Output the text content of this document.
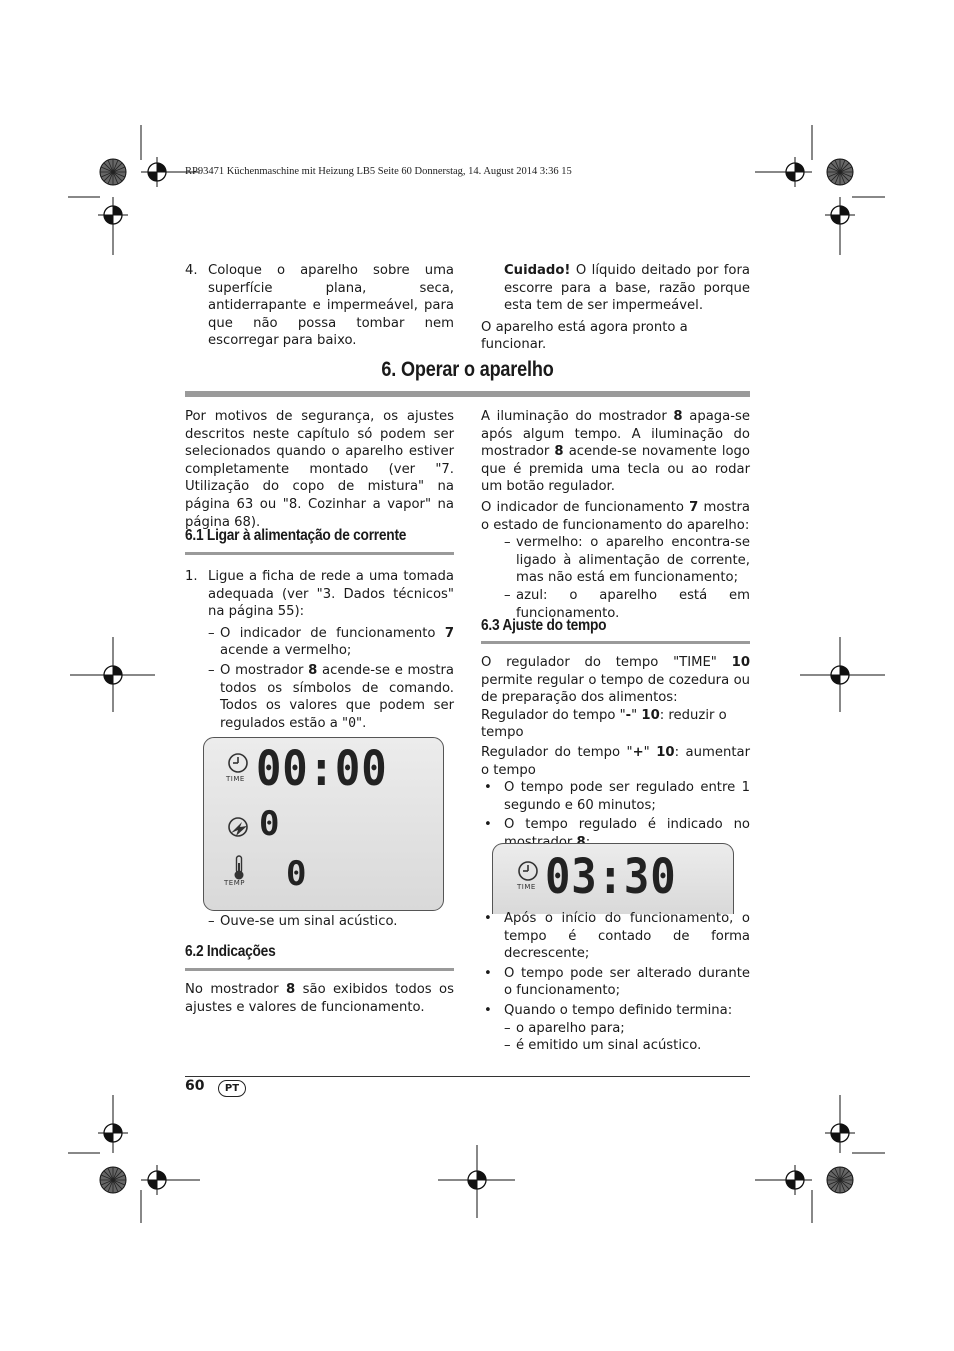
RP93471 Küchenmaschine mit Heizung LB5 Seite 60 Donnerstag, 14. August 2014 3:36 15
4. Coloque o aparelho sobre uma superfície plana, seca, antiderrapante e impermeável, para que não possa tombar nem escorregar para baixo.

Cuidado! O líquido deitado por fora escorre para a base, razão porque esta tem de ser impermeável.

O aparelho está agora pronto a funcionar.

6. Operar o aparelho

Por motivos de segurança, os ajustes descritos neste capítulo só podem ser selecionados quando o aparelho estiver completamente montado (ver "7. Utilização do copo de mistura" na página 63 ou "8. Cozinhar a vapor" na página 68).

6.1 Ligar à alimentação de corrente
1. Ligue a ficha de rede a uma tomada adequada (ver "3. Dados técnicos" na página 55):
– O indicador de funcionamento 7 acende a vermelho;
– O mostrador 8 acende-se e mostra todos os símbolos de comando. Todos os valores que podem ser regulados estão a "0".
TIME 00:00
0
TEMP 0
– Ouve-se um sinal acústico.
6.2 Indicações

No mostrador 8 são exibidos todos os ajustes e valores de funcionamento.

A iluminação do mostrador 8 apaga-se após algum tempo. A iluminação do mostrador 8 acende-se novamente logo que é premida uma tecla ou ao rodar um botão regulador.

O indicador de funcionamento 7 mostra o estado de funcionamento do aparelho:

– vermelho: o aparelho encontra-se ligado à alimentação de corrente, mas não está em funcionamento;
– azul: o aparelho está em funcionamento.
6.3 Ajuste do tempo

O regulador do tempo "TIME" 10 permite regular o tempo de cozedura ou de preparação dos alimentos:

Regulador do tempo "-" 10: reduzir o tempo

Regulador do tempo "+" 10: aumentar o tempo

• O tempo pode ser regulado entre 1 segundo e 60 minutos;
• O tempo regulado é indicado no
TIME 03:30
• Após o início do funcionamento, o tempo é contado de forma decrescente;
• O tempo pode ser alterado durante o funcionamento;
• Quando o tempo definido termina:
– o aparelho para;
– é emitido um sinal acústico.
60	PT
